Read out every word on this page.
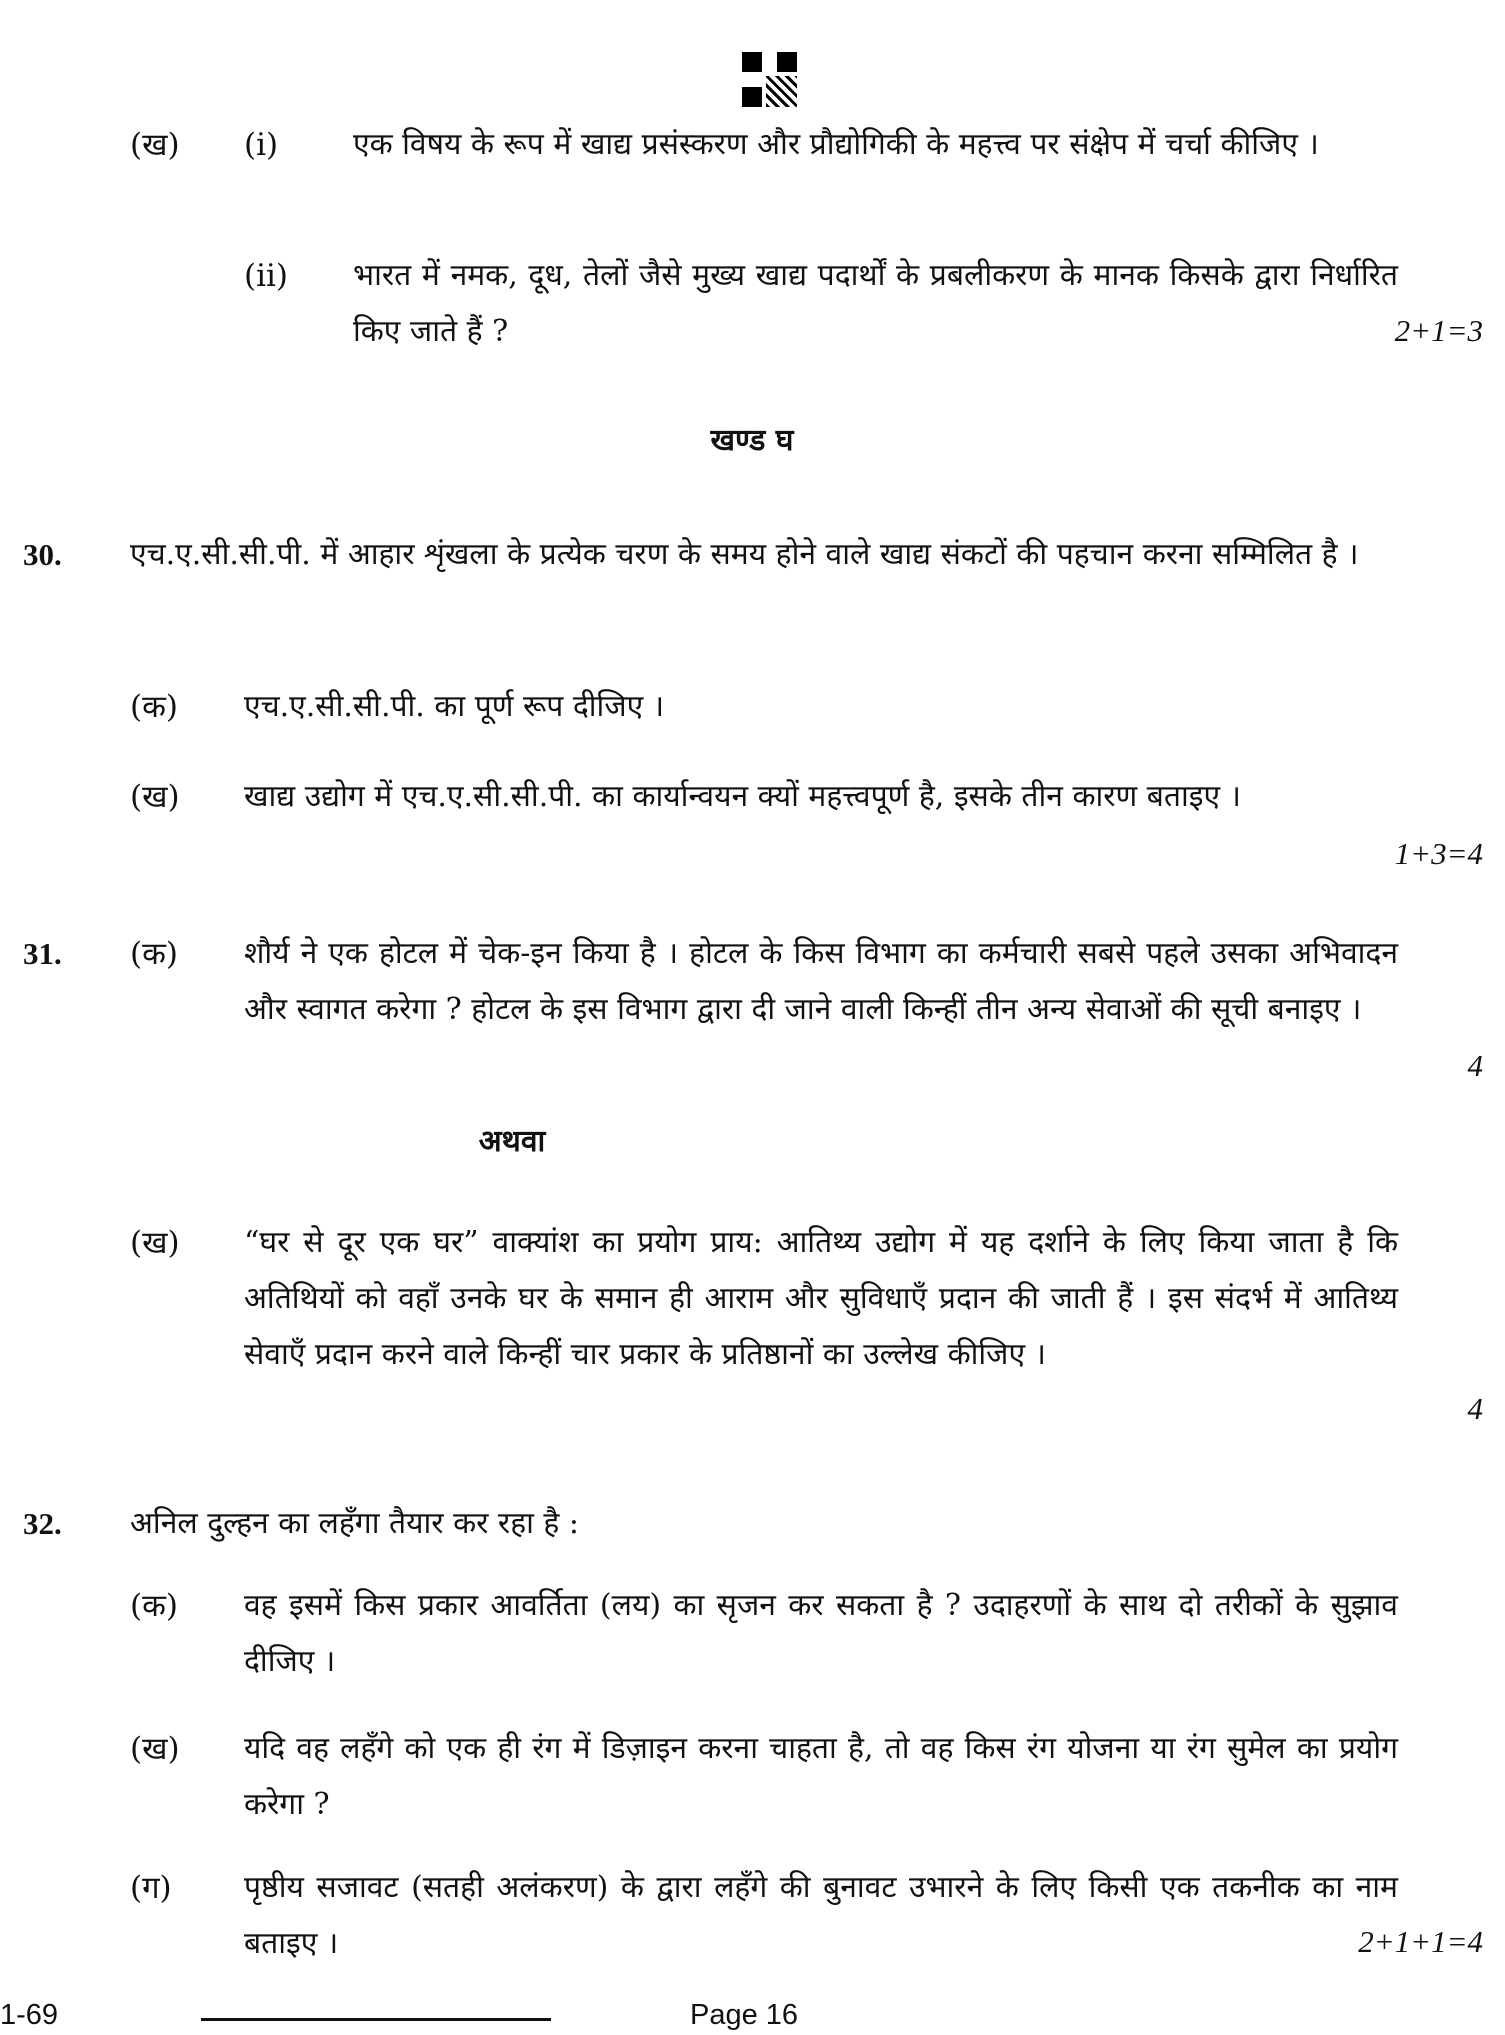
(ख) (i) एक विषय के रूप में खाद्य प्रसंस्करण और प्रौद्योगिकी के महत्त्व पर संक्षेप में चर्चा कीजिए ।
(ii) भारत में नमक, दूध, तेलों जैसे मुख्य खाद्य पदार्थों के प्रबलीकरण के मानक किसके द्वारा निर्धारित किए जाते हैं ?	2+1=3
खण्ड घ
30. एच.ए.सी.सी.पी. में आहार शृंखला के प्रत्येक चरण के समय होने वाले खाद्य संकटों की पहचान करना सम्मिलित है ।
(क) एच.ए.सी.सी.पी. का पूर्ण रूप दीजिए ।
(ख) खाद्य उद्योग में एच.ए.सी.सी.पी. का कार्यान्वयन क्यों महत्त्वपूर्ण है, इसके तीन कारण बताइए ।
1+3=4
31. (क) शौर्य ने एक होटल में चेक-इन किया है । होटल के किस विभाग का कर्मचारी सबसे पहले उसका अभिवादन और स्वागत करेगा ? होटल के इस विभाग द्वारा दी जाने वाली किन्हीं तीन अन्य सेवाओं की सूची बनाइए ।
4
अथवा
(ख) “घर से दूर एक घर” वाक्यांश का प्रयोग प्राय: आतिथ्य उद्योग में यह दर्शाने के लिए किया जाता है कि अतिथियों को वहाँ उनके घर के समान ही आराम और सुविधाएँ प्रदान की जाती हैं । इस संदर्भ में आतिथ्य सेवाएँ प्रदान करने वाले किन्हीं चार प्रकार के प्रतिष्ठानों का उल्लेख कीजिए ।
4
32. अनिल दुल्हन का लहँगा तैयार कर रहा है :
(क) वह इसमें किस प्रकार आवर्तिता (लय) का सृजन कर सकता है ? उदाहरणों के साथ दो तरीकों के सुझाव दीजिए ।
(ख) यदि वह लहँगे को एक ही रंग में डिज़ाइन करना चाहता है, तो वह किस रंग योजना या रंग सुमेल का प्रयोग करेगा ?
(ग) पृष्ठीय सजावट (सतही अलंकरण) के द्वारा लहँगे की बुनावट उभारने के लिए किसी एक तकनीक का नाम बताइए ।	2+1+1=4
1-69	Page 16
